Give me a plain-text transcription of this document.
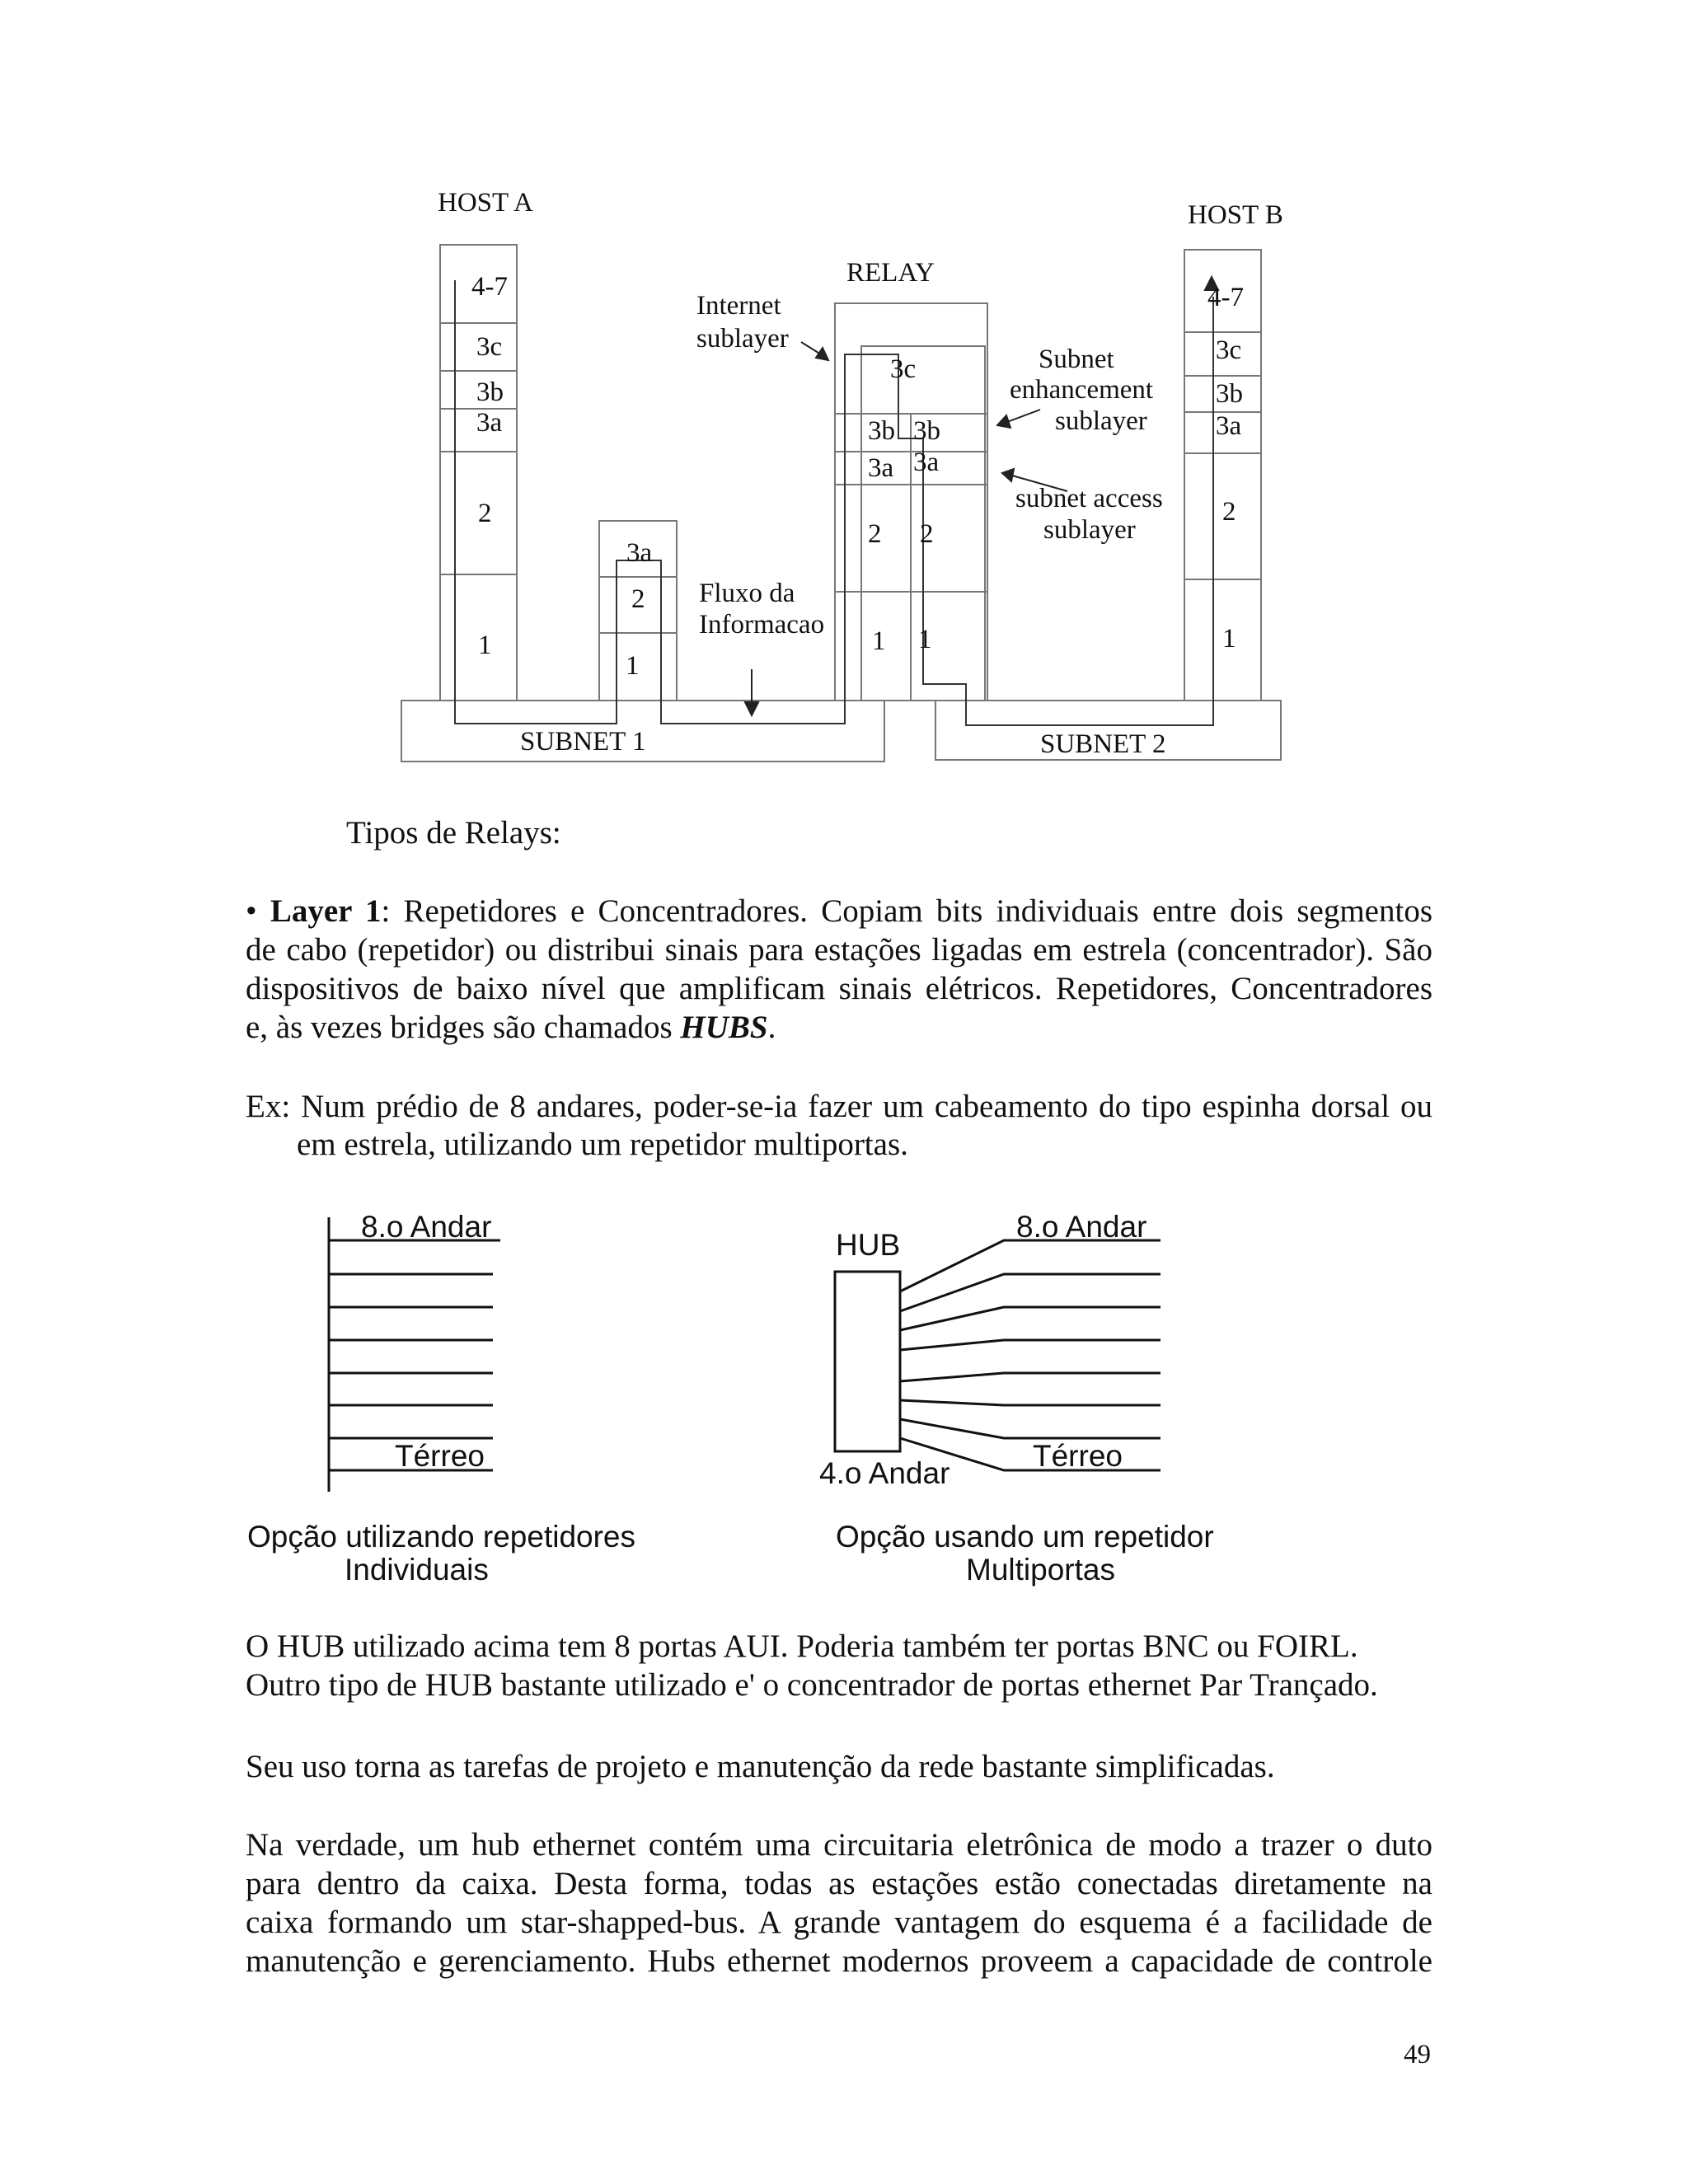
HOST A	HOST B
RELAY
4-7
3c
3b
3a
2
1
3a
2
1
3c
3b
3a
2
1
3b
3a
2
1
4-7
3c
3b
3a
2
1
Internet
sublayer
Fluxo da
Informacao
Subnet
enhancement
sublayer
subnet access
sublayer
SUBNET 1	SUBNET 2
Tipos de Relays:
• Layer 1: Repetidores e Concentradores. Copiam bits individuais entre dois segmentos
de cabo (repetidor) ou distribui sinais para estações ligadas em estrela (concentrador). São
dispositivos de baixo nível que amplificam sinais elétricos. Repetidores, Concentradores
e, às vezes bridges são chamados HUBS.
Ex: Num prédio de 8 andares, poder-se-ia fazer um cabeamento do tipo espinha dorsal ou
em estrela, utilizando um repetidor multiportas.
8.o Andar
Térreo
Opção utilizando repetidores
Individuais
HUB
8.o Andar
Térreo
4.o Andar
Opção usando um repetidor
Multiportas
O HUB utilizado acima tem 8 portas AUI. Poderia também ter portas BNC ou FOIRL.
Outro tipo de HUB bastante utilizado e' o concentrador de portas ethernet Par Trançado.
Seu uso torna as tarefas de projeto e manutenção da rede bastante simplificadas.
Na verdade, um hub ethernet contém uma circuitaria eletrônica de modo a trazer o duto
para dentro da caixa. Desta forma, todas as estações estão conectadas diretamente na
caixa formando um star-shapped-bus. A grande vantagem do esquema é a facilidade de
manutenção e gerenciamento. Hubs ethernet modernos proveem a capacidade de controle
49
